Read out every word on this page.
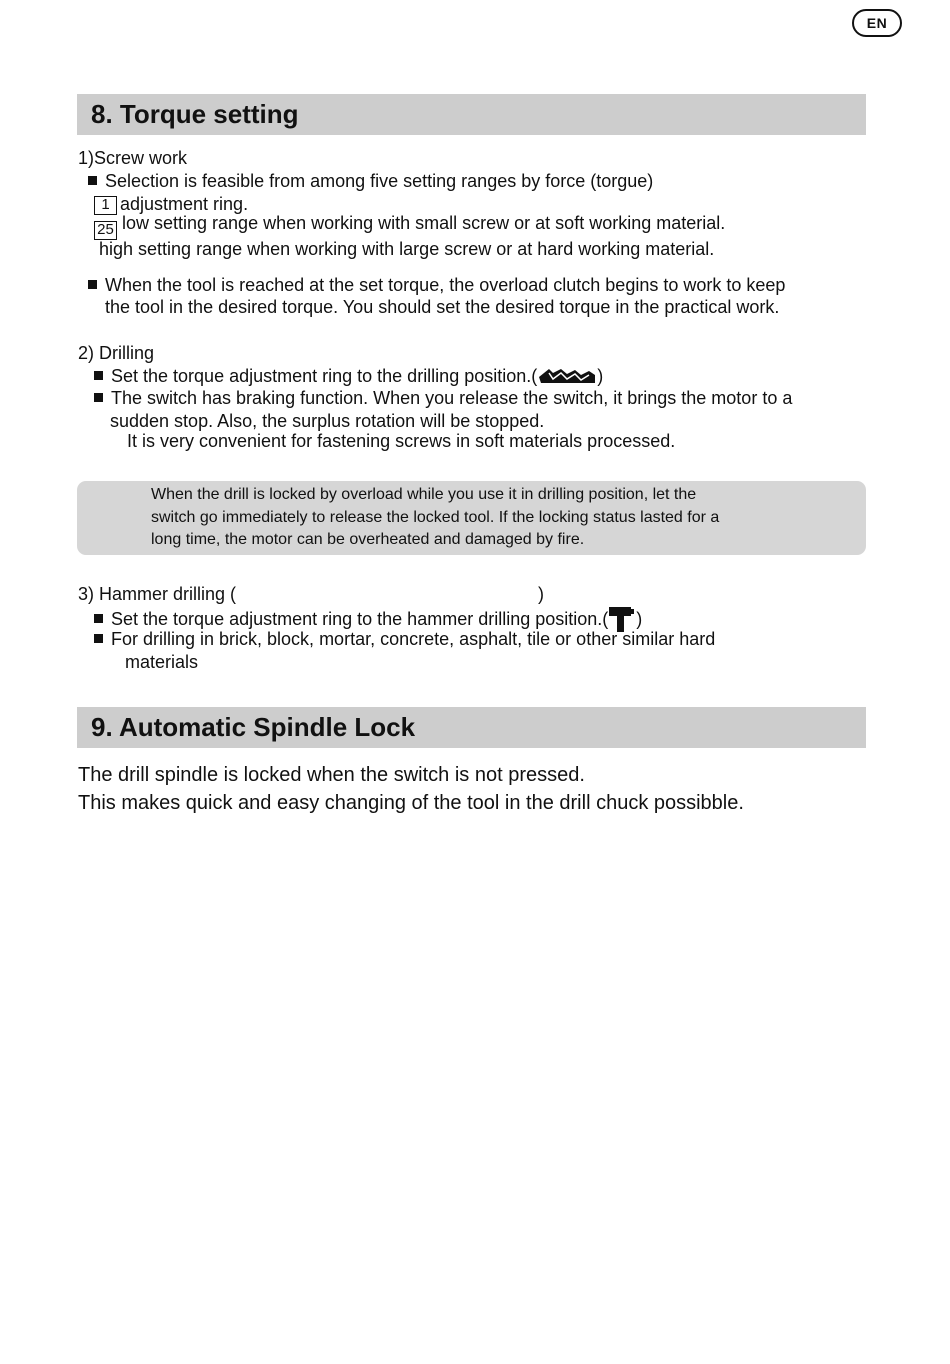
EN
8. Torque setting
1)Screw work
Selection is feasible from among five setting ranges by force (torgue)
1 adjustment ring.
25 low setting range when working with small screw or at soft working material.
high setting range when working with large screw or at hard working material.
When the tool is reached at the set torque, the overload clutch begins to work to keep
the tool in the desired torque. You should set the desired torque in the practical work.
2) Drilling
Set the torque adjustment ring to the drilling position.(	)
The switch has braking function. When you release the switch, it brings the motor to a
sudden stop. Also, the surplus rotation will be stopped.
It is very convenient for fastening screws in soft materials processed.
When the drill is locked by overload while you use it in drilling position, let the
switch go immediately to release the locked tool. If the locking status lasted for a
long time, the motor can be overheated and damaged by fire.
3) Hammer drilling (	)
Set the torque adjustment ring to the hammer drilling position.( )
For drilling in brick, block, mortar, concrete, asphalt, tile or other similar hard
materials
9. Automatic Spindle Lock
The drill spindle is locked when the switch is not pressed.
This makes quick and easy changing of the tool in the drill chuck possibble.
